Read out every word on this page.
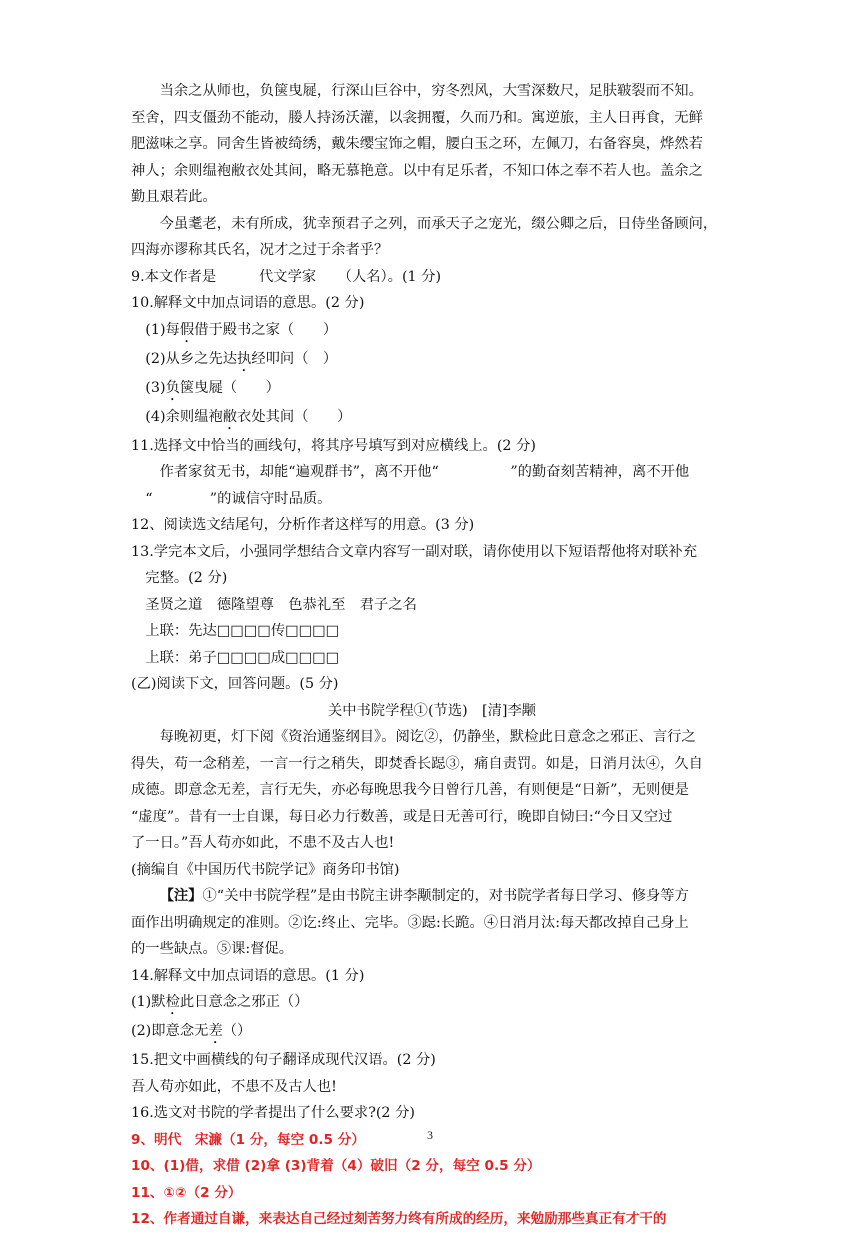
当余之从师也，负箧曳屣，行深山巨谷中，穷冬烈风，大雪深数尺，足肤皲裂而不知。

至舍，四支僵劲不能动，媵人持汤沃灌，以衾拥覆，久而乃和。寓逆旅，主人日再食，无鲜

肥滋味之享。同舍生皆被绮绣，戴朱缨宝饰之帽，腰白玉之环，左佩刀，右备容臭，烨然若

神人；余则缊袍敝衣处其间，略无慕艳意。以中有足乐者，不知口体之奉不若人也。盖余之

勤且艰若此。

今虽耄老，未有所成，犹幸预君子之列，而承天子之宠光，缀公卿之后，日侍坐备顾问，

四海亦谬称其氏名，况才之过于余者乎？

9.本文作者是　　　代文学家　　（人名）。(1 分)

10.解释文中加点词语的意思。(2 分)

(1)每假借于殿书之家（　　）

(2)从乡之先达执经叩问（　）

(3)负箧曳屣（　　）

(4)余则缊袍敝衣处其间（　　）

11.选择文中恰当的画线句，将其序号填写到对应横线上。(2 分)

作者家贫无书，却能“遍观群书”，离不开他“　　　　　”的勤奋刻苦精神，离不开他

“　　　　”的诚信守时品质。

12、阅读选文结尾句，分析作者这样写的用意。(3 分)

13.学完本文后，小强同学想结合文章内容写一副对联，请你使用以下短语帮他将对联补充

完整。(2 分)

圣贤之道　德隆望尊　色恭礼至　君子之名

上联：先达□□□□传□□□□

上联：弟子□□□□成□□□□

(乙)阅读下文，回答问题。(5 分)

关中书院学程①(节选)　[清]李颙

每晚初更，灯下阅《资治通鉴纲目》。阅讫②，仍静坐，默检此日意念之邪正、言行之

得失，苟一念稍差，一言一行之稍失，即焚香长跽③，痛自责罚。如是，日消月汰④，久自

成德。即意念无差，言行无失，亦必每晚思我今日曾行几善，有则便是“日新”，无则便是

“虚度”。昔有一士自课，每日必力行数善，或是日无善可行，晚即自恸曰:“今日又空过

了一日。”吾人苟亦如此，不患不及古人也!

(摘编自《中国历代书院学记》商务印书馆)

【注】①“关中书院学程”是由书院主讲李颙制定的，对书院学者每日学习、修身等方

面作出明确规定的准则。②讫:终止、完毕。③跽:长跪。④日消月汰:每天都改掉自己身上

的一些缺点。⑤课:督促。

14.解释文中加点词语的意思。(1 分)

(1)默检此日意念之邪正（）

(2)即意念无差（）

15.把文中画横线的句子翻译成现代汉语。(2 分)

吾人苟亦如此，不患不及古人也!

16.选文对书院的学者提出了什么要求?(2 分)

9、明代　宋濂（1 分，每空 0.5 分）

10、(1)借，求借 (2)拿 (3)背着（4）破旧（2 分，每空 0.5 分）

11、①②（2 分）

12、作者通过自谦，来表达自己经过刻苦努力终有所成的经历，来勉励那些真正有才干的

3
